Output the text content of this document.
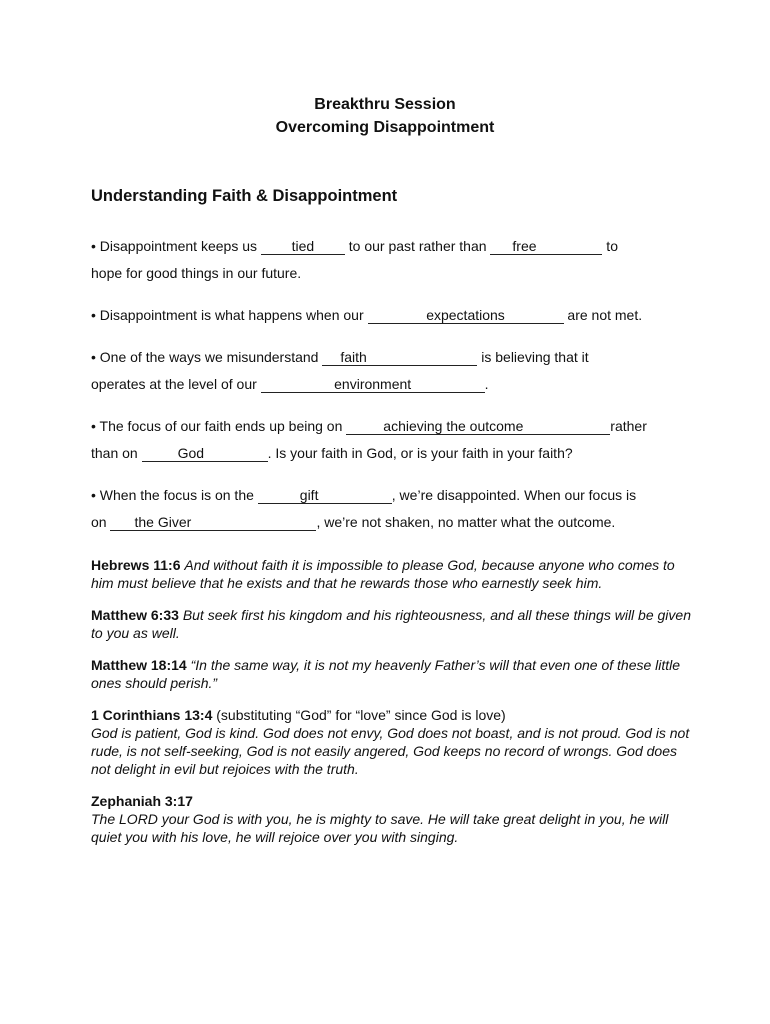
Breakthru Session
Overcoming Disappointment
Understanding Faith & Disappointment

• Disappointment keeps us tied to our past rather than free	to

hope for good things in our future.

• Disappointment is what happens when our	expectations	are not met.

• One of the ways we misunderstand faith	is believing that it

operates at the level of our	environment	.

• The focus of our faith ends up being on	achieving the outcome	rather

than on	God	. Is your faith in God, or is your faith in your faith?

• When the focus is on the	gift	, we’re disappointed. When our focus is

on the Giver	, we’re not shaken, no matter what the outcome.

Hebrews 11:6 And without faith it is impossible to please God, because anyone who comes to him must believe that he exists and that he rewards those who earnestly seek him.

Matthew 6:33 But seek first his kingdom and his righteousness, and all these things will be given to you as well.

Matthew 18:14 “In the same way, it is not my heavenly Father’s will that even one of these little ones should perish.”

1 Corinthians 13:4 (substituting “God” for “love” since God is love)
God is patient, God is kind. God does not envy, God does not boast, and is not proud. God is not rude, is not self-seeking, God is not easily angered, God keeps no record of wrongs. God does not delight in evil but rejoices with the truth.

Zephaniah 3:17
The LORD your God is with you, he is mighty to save. He will take great delight in you, he will quiet you with his love, he will rejoice over you with singing.
